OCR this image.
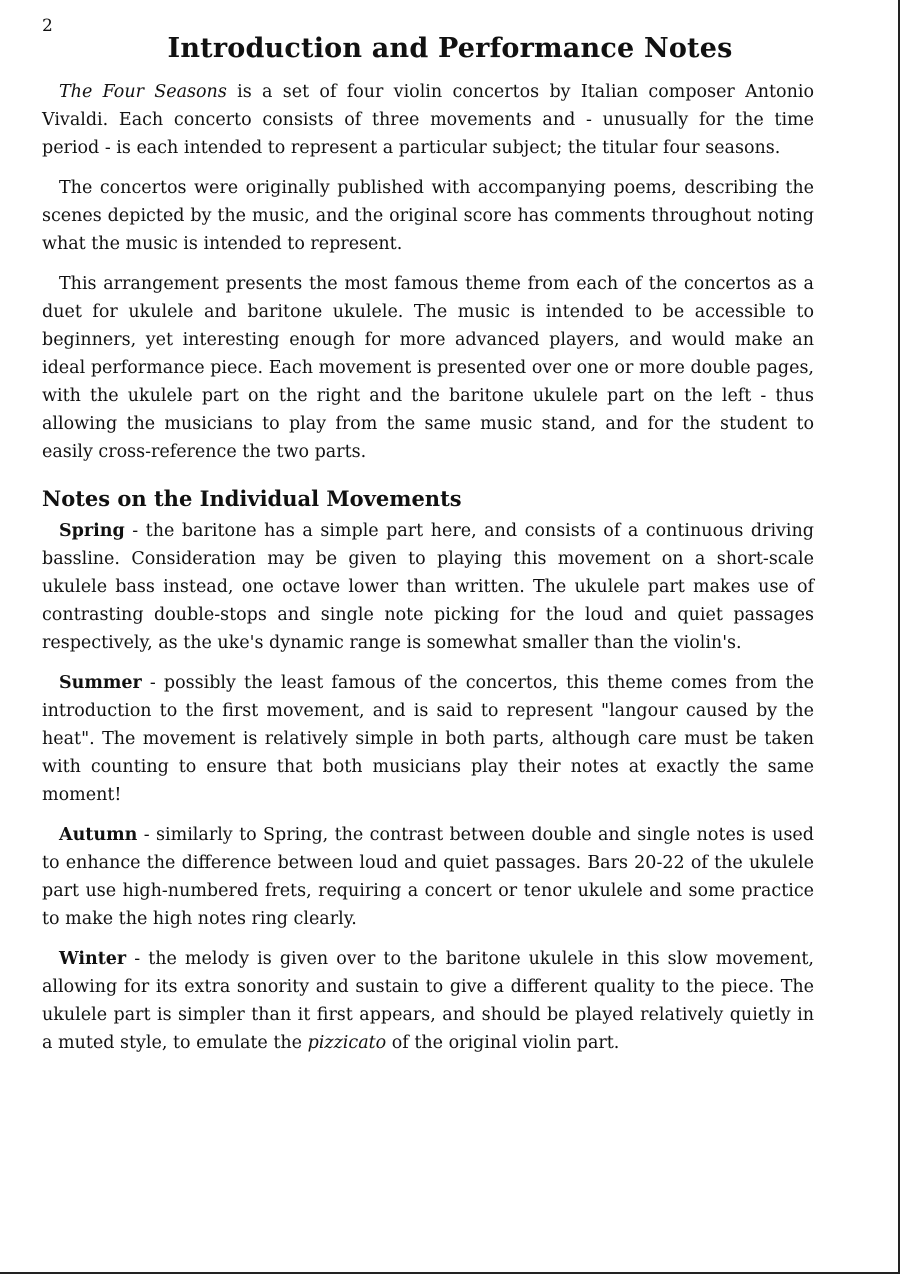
2
Introduction and Performance Notes

The Four Seasons is a set of four violin concertos by Italian composer Antonio Vivaldi. Each concerto consists of three movements and - unusually for the time period - is each intended to represent a particular subject; the titular four seasons.

The concertos were originally published with accompanying poems, describing the scenes depicted by the music, and the original score has comments throughout noting what the music is intended to represent.

This arrangement presents the most famous theme from each of the concertos as a duet for ukulele and baritone ukulele. The music is intended to be accessible to beginners, yet interesting enough for more advanced players, and would make an ideal performance piece. Each movement is presented over one or more double pages, with the ukulele part on the right and the baritone ukulele part on the left - thus allowing the musicians to play from the same music stand, and for the student to easily cross-reference the two parts.

Notes on the Individual Movements

Spring - the baritone has a simple part here, and consists of a continuous driving bassline. Consideration may be given to playing this movement on a short-scale ukulele bass instead, one octave lower than written. The ukulele part makes use of contrasting double-stops and single note picking for the loud and quiet passages respectively, as the uke's dynamic range is somewhat smaller than the violin's.

Summer - possibly the least famous of the concertos, this theme comes from the introduction to the first movement, and is said to represent "langour caused by the heat". The movement is relatively simple in both parts, although care must be taken with counting to ensure that both musicians play their notes at exactly the same moment!

Autumn - similarly to Spring, the contrast between double and single notes is used to enhance the difference between loud and quiet passages. Bars 20-22 of the ukulele part use high-numbered frets, requiring a concert or tenor ukulele and some practice to make the high notes ring clearly.

Winter - the melody is given over to the baritone ukulele in this slow movement, allowing for its extra sonority and sustain to give a different quality to the piece. The ukulele part is simpler than it first appears, and should be played relatively quietly in a muted style, to emulate the pizzicato of the original violin part.
